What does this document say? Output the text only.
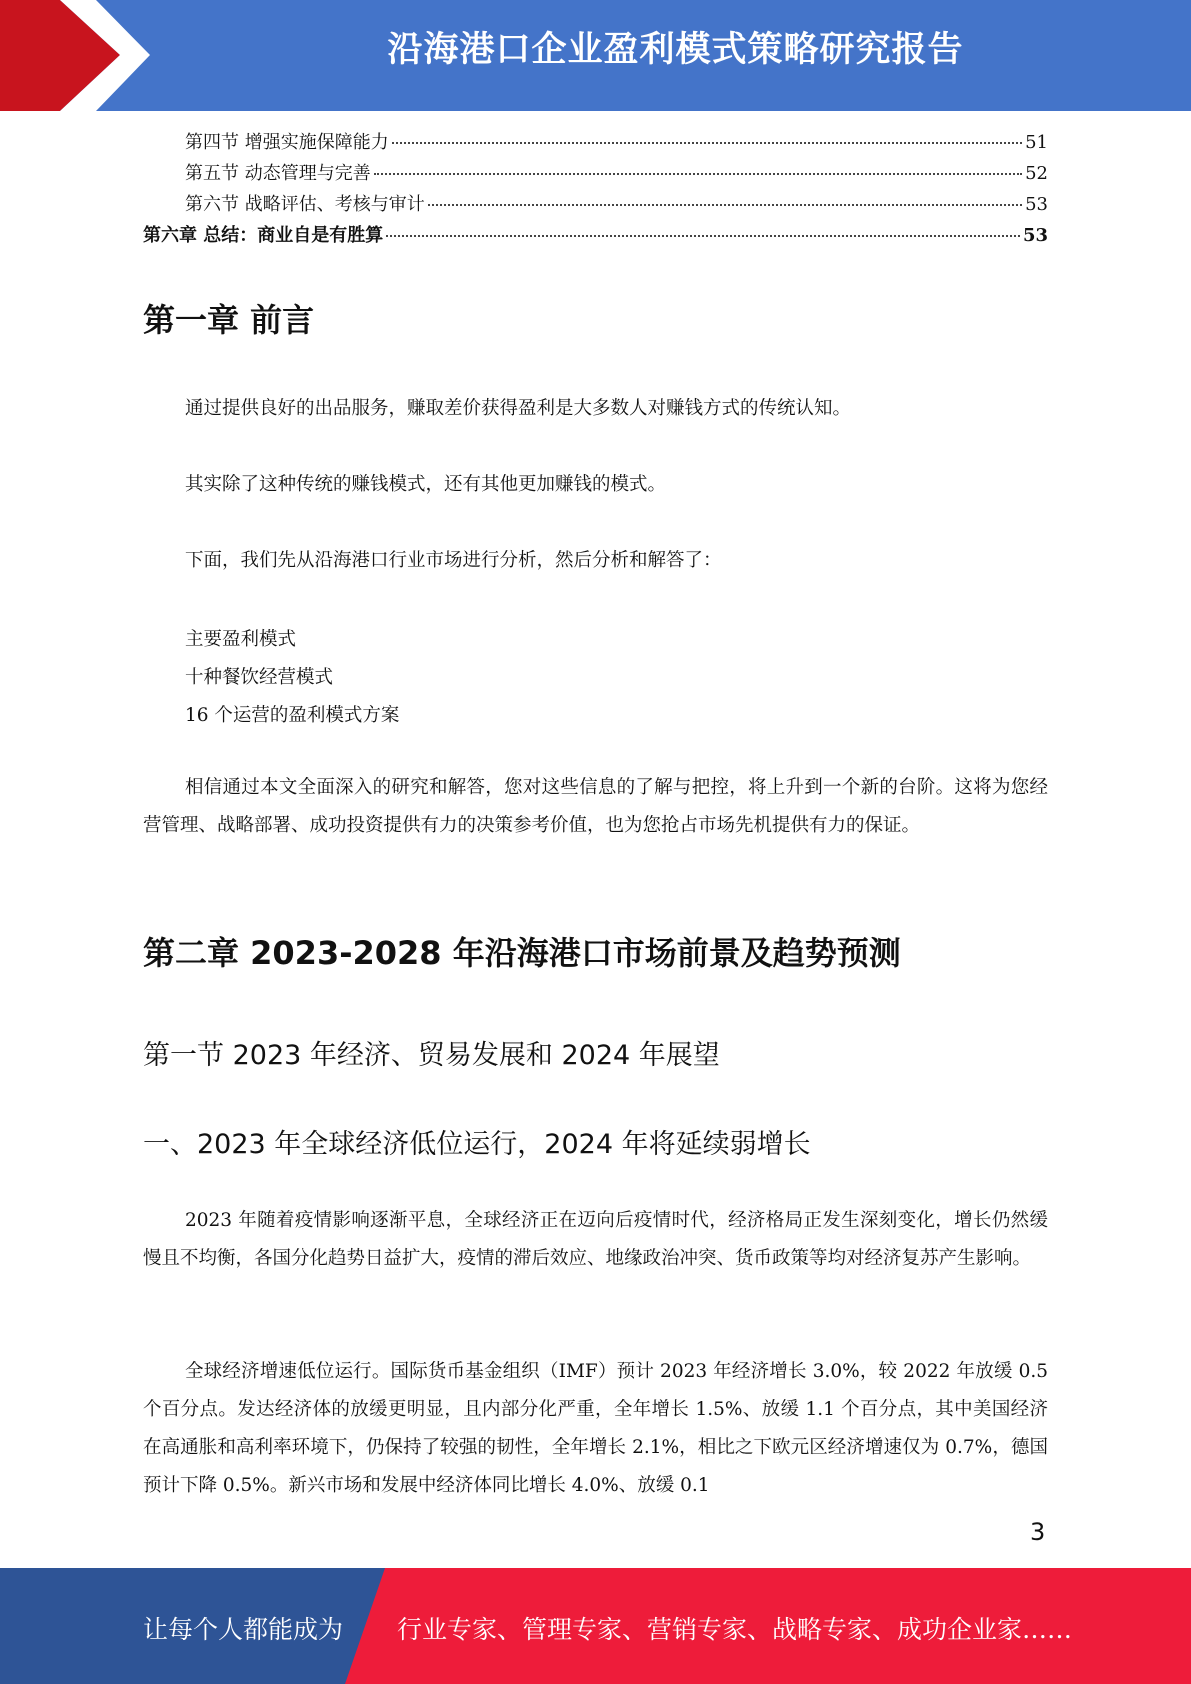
沿海港口企业盈利模式策略研究报告
第四节 增强实施保障能力	51
第五节 动态管理与完善	52
第六节 战略评估、考核与审计	53
第六章 总结：商业自是有胜算	53
第一章 前言

通过提供良好的出品服务，赚取差价获得盈利是大多数人对赚钱方式的传统认知。

其实除了这种传统的赚钱模式，还有其他更加赚钱的模式。

下面，我们先从沿海港口行业市场进行分析，然后分析和解答了：

主要盈利模式
十种餐饮经营模式
16 个运营的盈利模式方案

相信通过本文全面深入的研究和解答，您对这些信息的了解与把控，将上升到一个新的台阶。这将为您经营管理、战略部署、成功投资提供有力的决策参考价值，也为您抢占市场先机提供有力的保证。

第二章 2023-2028 年沿海港口市场前景及趋势预测
第一节 2023 年经济、贸易发展和 2024 年展望
一、2023 年全球经济低位运行，2024 年将延续弱增长

2023 年随着疫情影响逐渐平息，全球经济正在迈向后疫情时代，经济格局正发生深刻变化，增长仍然缓慢且不均衡，各国分化趋势日益扩大，疫情的滞后效应、地缘政治冲突、货币政策等均对经济复苏产生影响。

全球经济增速低位运行。国际货币基金组织（IMF）预计 2023 年经济增长 3.0%，较 2022 年放缓 0.5 个百分点。发达经济体的放缓更明显，且内部分化严重，全年增长 1.5%、放缓 1.1 个百分点，其中美国经济在高通胀和高利率环境下，仍保持了较强的韧性，全年增长 2.1%，相比之下欧元区经济增速仅为 0.7%，德国预计下降 0.5%。新兴市场和发展中经济体同比增长 4.0%、放缓 0.1

3
让每个人都能成为 行业专家、管理专家、营销专家、战略专家、成功企业家……
